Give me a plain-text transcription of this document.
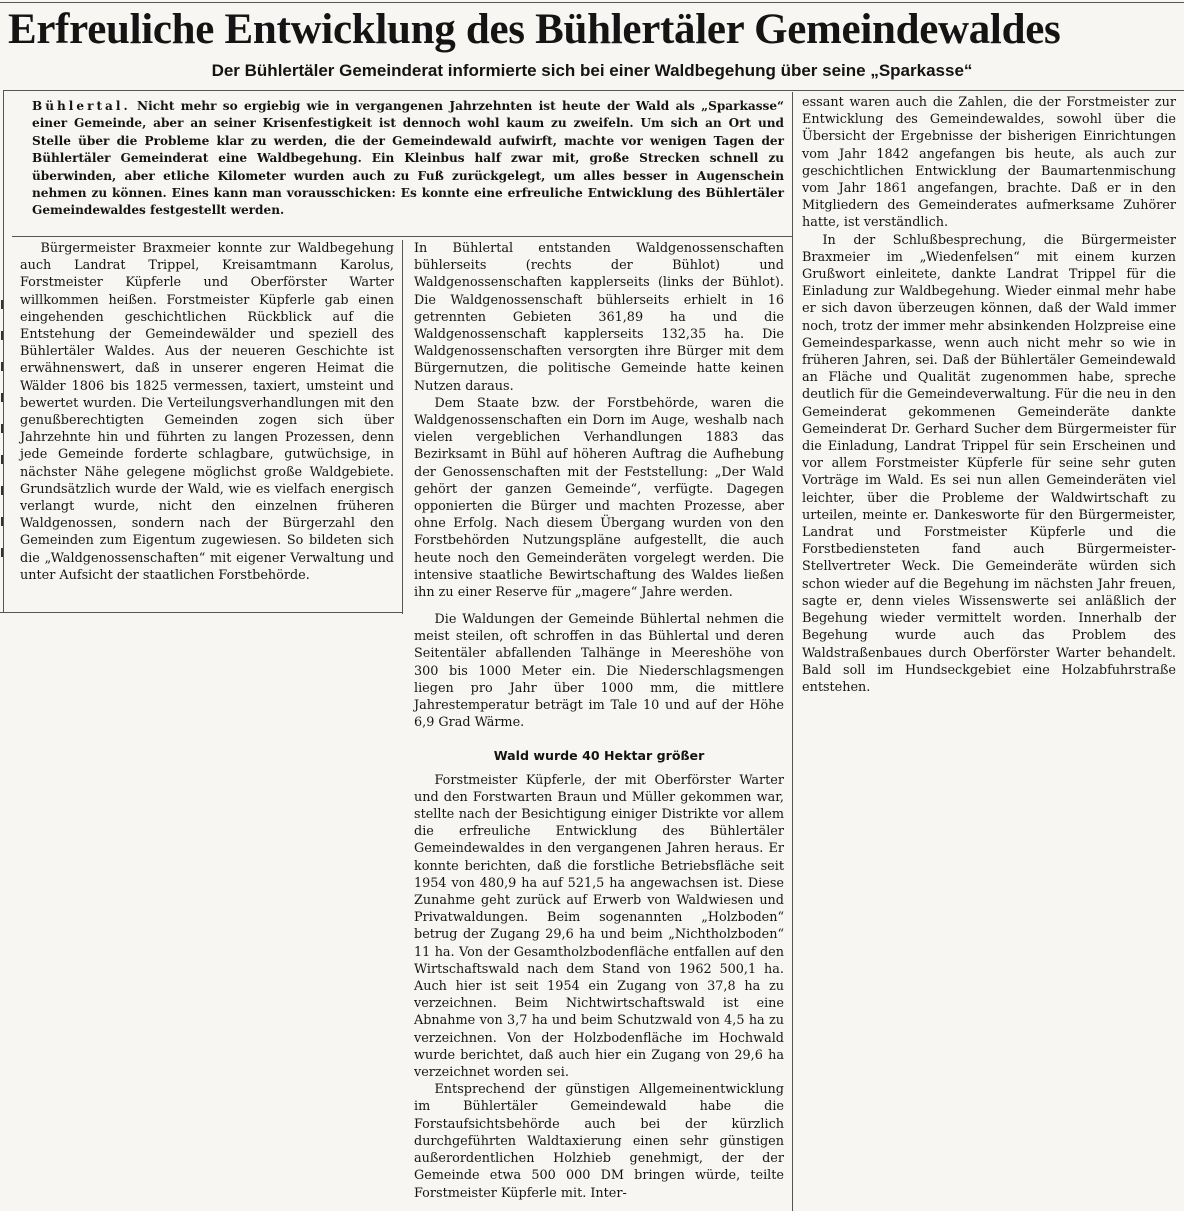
Erfreuliche Entwicklung des Bühlertäler Gemeindewaldes
Der Bühlertäler Gemeinderat informierte sich bei einer Waldbegehung über seine „Sparkasse“

Bühlertal. Nicht mehr so ergiebig wie in vergangenen Jahrzehnten ist heute der Wald als „Sparkasse“ einer Gemeinde, aber an seiner Krisenfestigkeit ist dennoch wohl kaum zu zweifeln. Um sich an Ort und Stelle über die Probleme klar zu werden, die der Gemeindewald aufwirft, machte vor wenigen Tagen der Bühlertäler Gemeinderat eine Waldbegehung. Ein Kleinbus half zwar mit, große Strecken schnell zu überwinden, aber etliche Kilometer wurden auch zu Fuß zurückgelegt, um alles besser in Augenschein nehmen zu können. Eines kann man vorausschicken: Es konnte eine erfreuliche Entwicklung des Bühlertäler Gemeindewaldes festgestellt werden.

Bürgermeister Braxmeier konnte zur Waldbegehung auch Landrat Trippel, Kreisamtmann Karolus, Forstmeister Küpferle und Oberförster Warter willkommen heißen. Forstmeister Küpferle gab einen eingehenden geschichtlichen Rückblick auf die Entstehung der Gemeindewälder und speziell des Bühlertäler Waldes. Aus der neueren Geschichte ist erwähnenswert, daß in unserer engeren Heimat die Wälder 1806 bis 1825 vermessen, taxiert, umsteint und bewertet wurden. Die Verteilungsverhandlungen mit den genußberechtigten Gemeinden zogen sich über Jahrzehnte hin und führten zu langen Prozessen, denn jede Gemeinde forderte schlagbare, gutwüchsige, in nächster Nähe gelegene möglichst große Waldgebiete. Grundsätzlich wurde der Wald, wie es vielfach energisch verlangt wurde, nicht den einzelnen früheren Waldgenossen, sondern nach der Bürgerzahl den Gemeinden zum Eigentum zugewiesen. So bildeten sich die „Waldgenossenschaften“ mit eigener Verwaltung und unter Aufsicht der staatlichen Forstbehörde.

In Bühlertal entstanden Waldgenossenschaften bühlerseits (rechts der Bühlot) und Waldgenossenschaften kapplerseits (links der Bühlot). Die Waldgenossenschaft bühlerseits erhielt in 16 getrennten Gebieten 361,89 ha und die Waldgenossenschaft kapplerseits 132,35 ha. Die Waldgenossenschaften versorgten ihre Bürger mit dem Bürgernutzen, die politische Gemeinde hatte keinen Nutzen daraus.

Dem Staate bzw. der Forstbehörde, waren die Waldgenossenschaften ein Dorn im Auge, weshalb nach vielen vergeblichen Verhandlungen 1883 das Bezirksamt in Bühl auf höheren Auftrag die Aufhebung der Genossenschaften mit der Feststellung: „Der Wald gehört der ganzen Gemeinde“, verfügte. Dagegen opponierten die Bürger und machten Prozesse, aber ohne Erfolg. Nach diesem Übergang wurden von den Forstbehörden Nutzungspläne aufgestellt, die auch heute noch den Gemeinderäten vorgelegt werden. Die intensive staatliche Bewirtschaftung des Waldes ließen ihn zu einer Reserve für „magere“ Jahre werden.

Die Waldungen der Gemeinde Bühlertal nehmen die meist steilen, oft schroffen in das Bühlertal und deren Seitentäler abfallenden Talhänge in Meereshöhe von 300 bis 1000 Meter ein. Die Niederschlagsmengen liegen pro Jahr über 1000 mm, die mittlere Jahrestemperatur beträgt im Tale 10 und auf der Höhe 6,9 Grad Wärme.

Wald wurde 40 Hektar größer

Forstmeister Küpferle, der mit Oberförster Warter und den Forstwarten Braun und Müller gekommen war, stellte nach der Besichtigung einiger Distrikte vor allem die erfreuliche Entwicklung des Bühlertäler Gemeindewaldes in den vergangenen Jahren heraus. Er konnte berichten, daß die forstliche Betriebsfläche seit 1954 von 480,9 ha auf 521,5 ha angewachsen ist. Diese Zunahme geht zurück auf Erwerb von Waldwiesen und Privatwaldungen. Beim sogenannten „Holzboden“ betrug der Zugang 29,6 ha und beim „Nichtholzboden“ 11 ha. Von der Gesamtholzbodenfläche entfallen auf den Wirtschaftswald nach dem Stand von 1962 500,1 ha. Auch hier ist seit 1954 ein Zugang von 37,8 ha zu verzeichnen. Beim Nichtwirtschaftswald ist eine Abnahme von 3,7 ha und beim Schutzwald von 4,5 ha zu verzeichnen. Von der Holzbodenfläche im Hochwald wurde berichtet, daß auch hier ein Zugang von 29,6 ha verzeichnet worden sei.

Entsprechend der günstigen Allgemeinentwicklung im Bühlertäler Gemeindewald habe die Forstaufsichtsbehörde auch bei der kürzlich durchgeführten Waldtaxierung einen sehr günstigen außerordentlichen Holzhieb genehmigt, der der Gemeinde etwa 500 000 DM bringen würde, teilte Forstmeister Küpferle mit. Inter-

essant waren auch die Zahlen, die der Forstmeister zur Entwicklung des Gemeindewaldes, sowohl über die Übersicht der Ergebnisse der bisherigen Einrichtungen vom Jahr 1842 angefangen bis heute, als auch zur geschichtlichen Entwicklung der Baumartenmischung vom Jahr 1861 angefangen, brachte. Daß er in den Mitgliedern des Gemeinderates aufmerksame Zuhörer hatte, ist verständlich.

In der Schlußbesprechung, die Bürgermeister Braxmeier im „Wiedenfelsen“ mit einem kurzen Grußwort einleitete, dankte Landrat Trippel für die Einladung zur Waldbegehung. Wieder einmal mehr habe er sich davon überzeugen können, daß der Wald immer noch, trotz der immer mehr absinkenden Holzpreise eine Gemeindesparkasse, wenn auch nicht mehr so wie in früheren Jahren, sei. Daß der Bühlertäler Gemeindewald an Fläche und Qualität zugenommen habe, spreche deutlich für die Gemeindeverwaltung. Für die neu in den Gemeinderat gekommenen Gemeinderäte dankte Gemeinderat Dr. Gerhard Sucher dem Bürgermeister für die Einladung, Landrat Trippel für sein Erscheinen und vor allem Forstmeister Küpferle für seine sehr guten Vorträge im Wald. Es sei nun allen Gemeinderäten viel leichter, über die Probleme der Waldwirtschaft zu urteilen, meinte er. Dankesworte für den Bürgermeister, Landrat und Forstmeister Küpferle und die Forstbediensteten fand auch Bürgermeister-Stellvertreter Weck. Die Gemeinderäte würden sich schon wieder auf die Begehung im nächsten Jahr freuen, sagte er, denn vieles Wissenswerte sei anläßlich der Begehung wieder vermittelt worden. Innerhalb der Begehung wurde auch das Problem des Waldstraßenbaues durch Oberförster Warter behandelt. Bald soll im Hundseckgebiet eine Holzabfuhrstraße entstehen.
